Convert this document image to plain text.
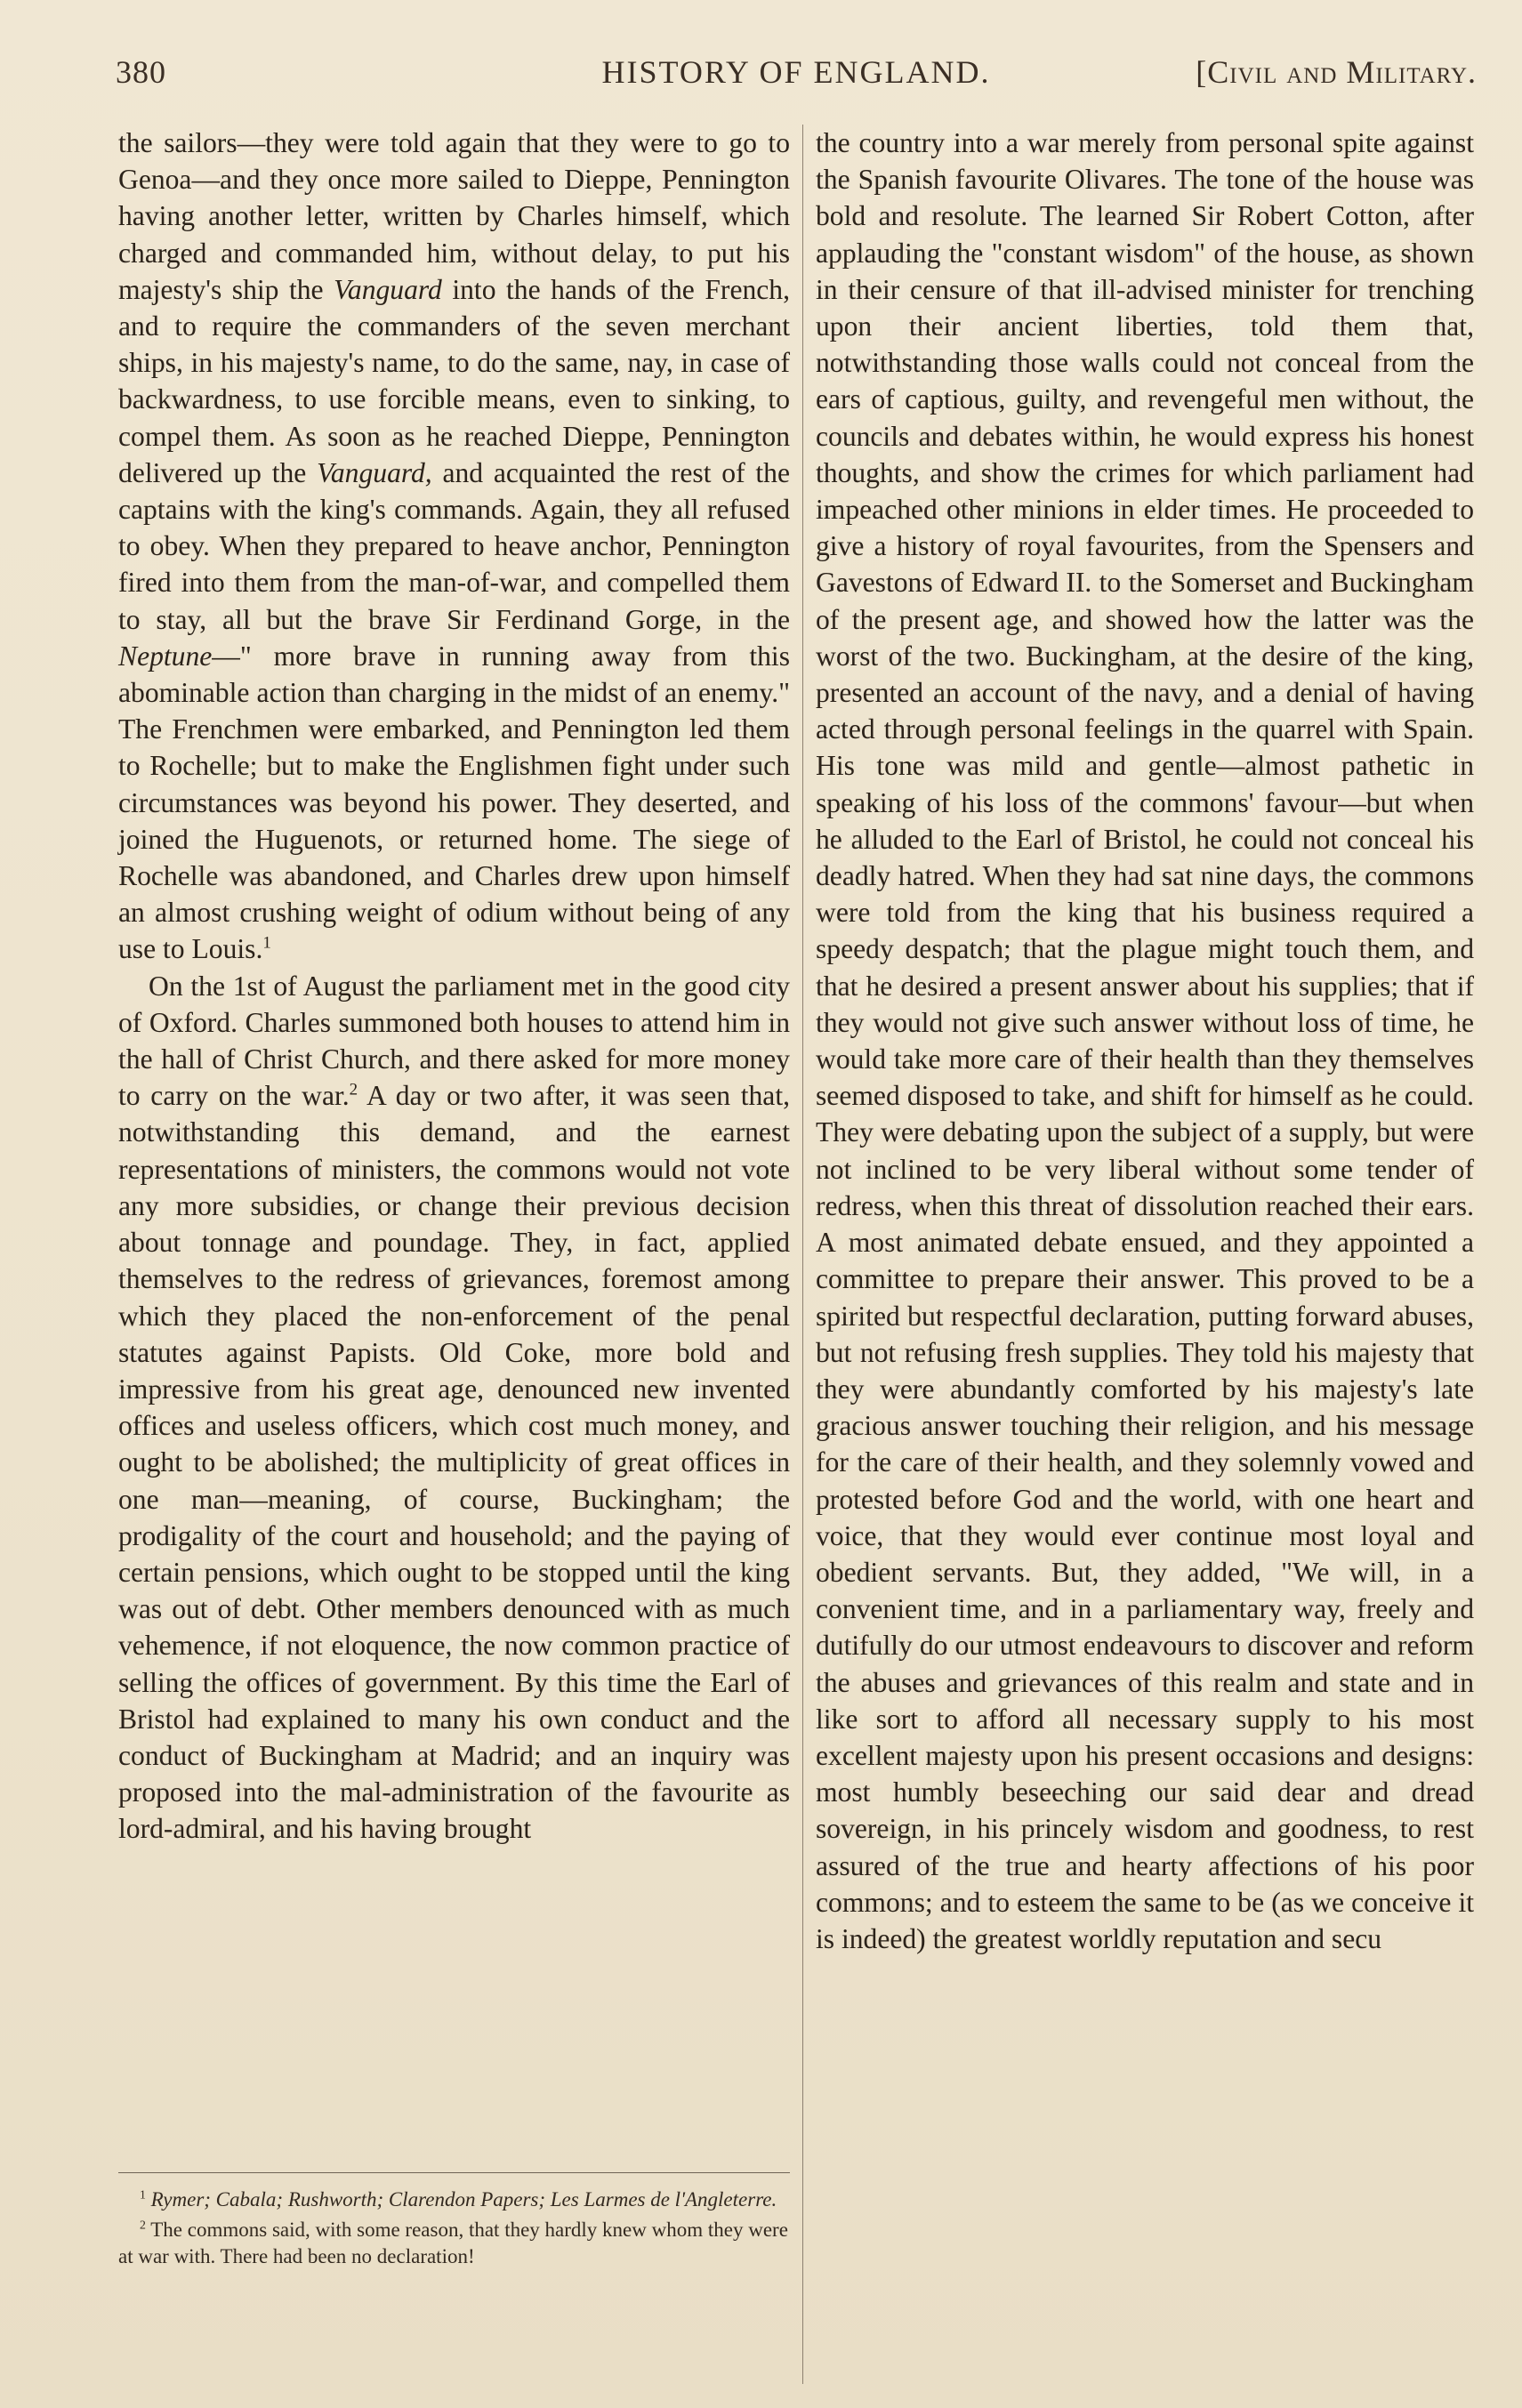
380	HISTORY OF ENGLAND.	[Civil and Military.

the sailors—they were told again that they were to go to Genoa—and they once more sailed to Dieppe, Pennington having another letter, written by Charles himself, which charged and commanded him, without delay, to put his majesty's ship the Vanguard into the hands of the French, and to require the commanders of the seven merchant ships, in his majesty's name, to do the same, nay, in case of backwardness, to use forcible means, even to sinking, to compel them. As soon as he reached Dieppe, Pennington delivered up the Vanguard, and acquainted the rest of the captains with the king's commands. Again, they all refused to obey. When they prepared to heave anchor, Pennington fired into them from the man-of-war, and compelled them to stay, all but the brave Sir Ferdinand Gorge, in the Neptune—" more brave in running away from this abominable action than charging in the midst of an enemy." The Frenchmen were embarked, and Pennington led them to Rochelle; but to make the Englishmen fight under such circumstances was beyond his power. They deserted, and joined the Huguenots, or returned home. The siege of Rochelle was abandoned, and Charles drew upon himself an almost crushing weight of odium without being of any use to Louis.$^1$

On the 1st of August the parliament met in the good city of Oxford. Charles summoned both houses to attend him in the hall of Christ Church, and there asked for more money to carry on the war.$^2$ A day or two after, it was seen that, notwithstanding this demand, and the earnest representations of ministers, the commons would not vote any more subsidies, or change their previous decision about tonnage and poundage. They, in fact, applied themselves to the redress of grievances, foremost among which they placed the non-enforcement of the penal statutes against Papists. Old Coke, more bold and impressive from his great age, denounced new invented offices and useless officers, which cost much money, and ought to be abolished; the multiplicity of great offices in one man—meaning, of course, Buckingham; the prodigality of the court and household; and the paying of certain pensions, which ought to be stopped until the king was out of debt. Other members denounced with as much vehemence, if not eloquence, the now common practice of selling the offices of government. By this time the Earl of Bristol had explained to many his own conduct and the conduct of Buckingham at Madrid; and an inquiry was proposed into the mal-administration of the favourite as lord-admiral, and his having brought

the country into a war merely from personal spite against the Spanish favourite Olivares. The tone of the house was bold and resolute. The learned Sir Robert Cotton, after applauding the "constant wisdom" of the house, as shown in their censure of that ill-advised minister for trenching upon their ancient liberties, told them that, notwithstanding those walls could not conceal from the ears of captious, guilty, and revengeful men without, the councils and debates within, he would express his honest thoughts, and show the crimes for which parliament had impeached other minions in elder times. He proceeded to give a history of royal favourites, from the Spensers and Gavestons of Edward II. to the Somerset and Buckingham of the present age, and showed how the latter was the worst of the two. Buckingham, at the desire of the king, presented an account of the navy, and a denial of having acted through personal feelings in the quarrel with Spain. His tone was mild and gentle—almost pathetic in speaking of his loss of the commons' favour—but when he alluded to the Earl of Bristol, he could not conceal his deadly hatred. When they had sat nine days, the commons were told from the king that his business required a speedy despatch; that the plague might touch them, and that he desired a present answer about his supplies; that if they would not give such answer without loss of time, he would take more care of their health than they themselves seemed disposed to take, and shift for himself as he could. They were debating upon the subject of a supply, but were not inclined to be very liberal without some tender of redress, when this threat of dissolution reached their ears. A most animated debate ensued, and they appointed a committee to prepare their answer. This proved to be a spirited but respectful declaration, putting forward abuses, but not refusing fresh supplies. They told his majesty that they were abundantly comforted by his majesty's late gracious answer touching their religion, and his message for the care of their health, and they solemnly vowed and protested before God and the world, with one heart and voice, that they would ever continue most loyal and obedient servants. But, they added, "We will, in a convenient time, and in a parliamentary way, freely and dutifully do our utmost endeavours to discover and reform the abuses and grievances of this realm and state and in like sort to afford all necessary supply to his most excellent majesty upon his present occasions and designs: most humbly beseeching our said dear and dread sovereign, in his princely wisdom and goodness, to rest assured of the true and hearty affections of his poor commons; and to esteem the same to be (as we conceive it is indeed) the greatest worldly reputation and secu

$^1$ Rymer; Cabala; Rushworth; Clarendon Papers; Les Larmes de l'Angleterre.

$^2$ The commons said, with some reason, that they hardly knew whom they were at war with. There had been no declaration!
